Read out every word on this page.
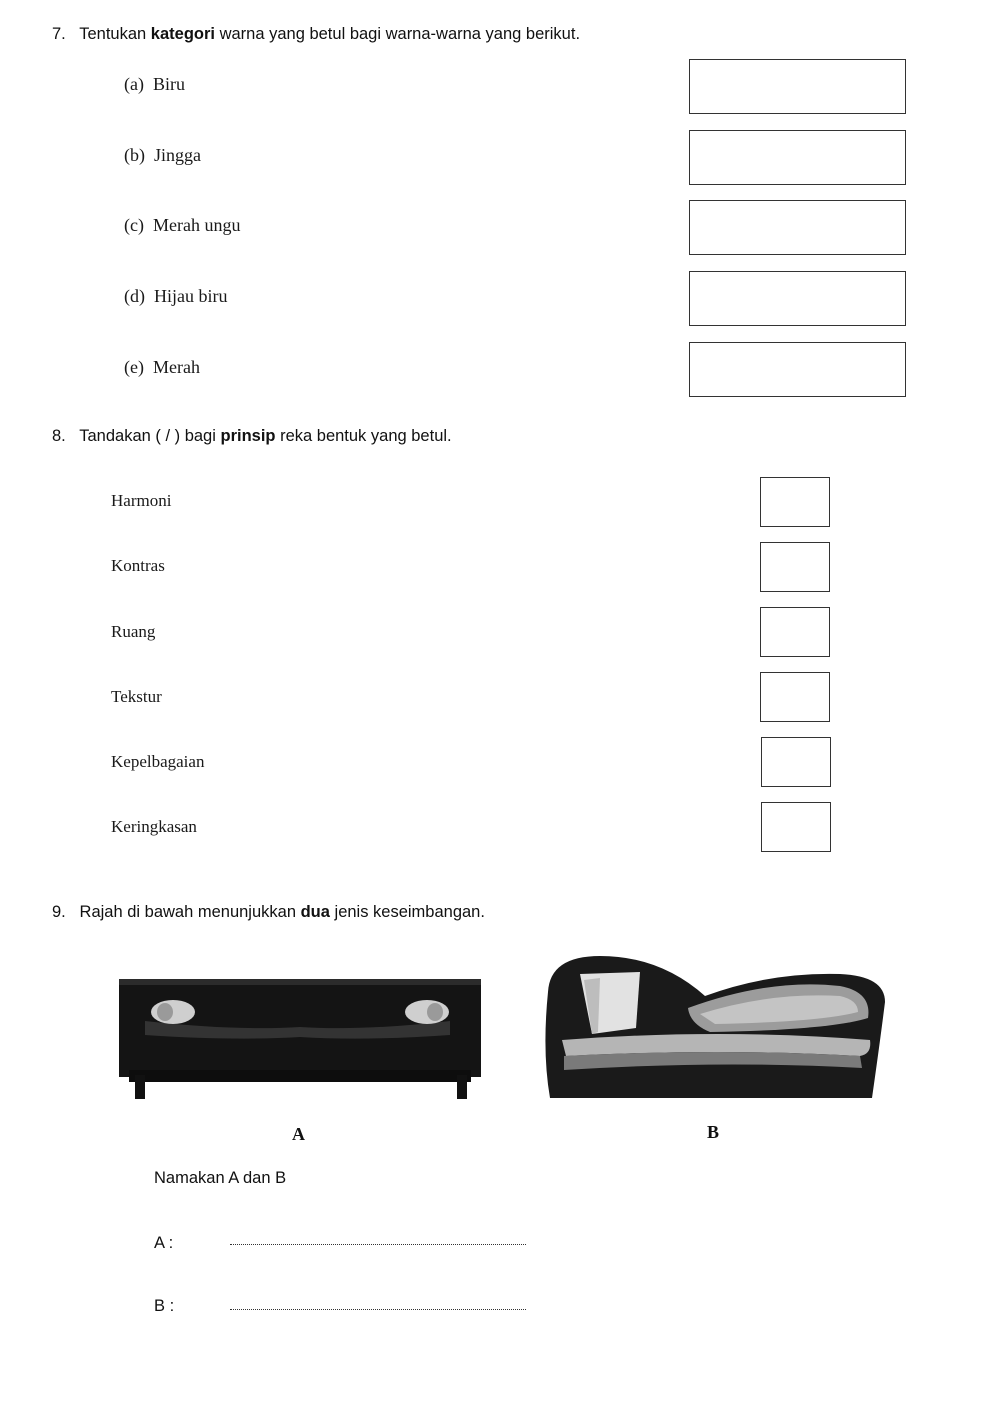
7. Tentukan kategori warna yang betul bagi warna-warna yang berikut.
(a) Biru
(b) Jingga
(c) Merah ungu
(d) Hijau biru
(e) Merah
8. Tandakan ( / ) bagi prinsip reka bentuk yang betul.
Harmoni
Kontras
Ruang
Tekstur
Kepelbagaian
Keringkasan
9. Rajah di bawah menunjukkan dua jenis keseimbangan.
A	B
Namakan A dan B
A :
B :
